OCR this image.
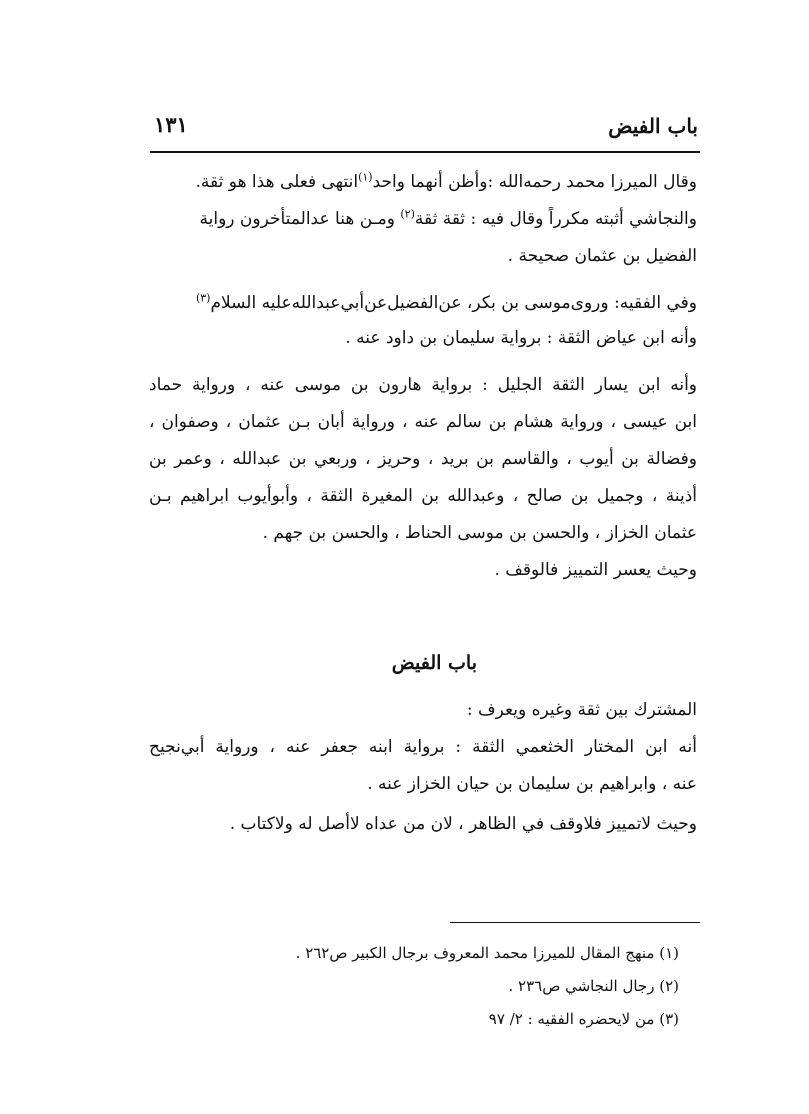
باب الفيض
١٣١
وقال الميرزا محمد رحمه‌الله :وأظن أنهما واحد$^{(١)}$انتهى فعلى هذا هو ثقة.
والنجاشي أثبته مكرراً وقال فيه : ثقة ثقة$^{(٢)}$ ومـن هنا عدالمتأخرون رواية
الفضيل بن عثمان صحيحة .
وفي الفقيه: وروى‌موسى بن بكر، عن‌الفضيل‌عن‌أبي‌عبدالله‌عليه السلام$^{(٣)}$
وأنه ابن عياض الثقة : برواية سليمان بن داود عنه .
وأنه ابن يسار الثقة الجليل : برواية هارون بن موسى عنه ، ورواية حماد
ابن عيسى ، ورواية هشام بن سالم عنه ، ورواية أبان بـن عثمان ، وصفوان ،
وفضالة بن أيوب ، والقاسم بن بريد ، وحريز ، وربعي بن عبدالله ، وعمر بن
أذينة ، وجميل بن صالح ، وعبدالله بن المغيرة الثقة ، وأبوأيوب ابراهيم بـن
عثمان الخزاز ، والحسن بن موسى الحناط ، والحسن بن جهم .
وحيث يعسر التمييز فالوقف .
باب الفيض
المشترك بين ثقة وغيره ويعرف :
أنه ابن المختار الخثعمي الثقة : برواية ابنه جعفر عنه ، ورواية أبي‌نجيح
عنه ، وابراهيم بن سليمان بن حيان الخزاز عنه .
وحيث لاتمييز فلاوقف في الظاهر ، لان من عداه لاأصل له ولاكتاب .
(١) منهج المقال للميرزا محمد المعروف برجال الكبير ص٢٦٢ .
(٢) رجال النجاشي ص٢٣٦ .
(٣) من لايحضره الفقيه : ٢/ ٩٧
